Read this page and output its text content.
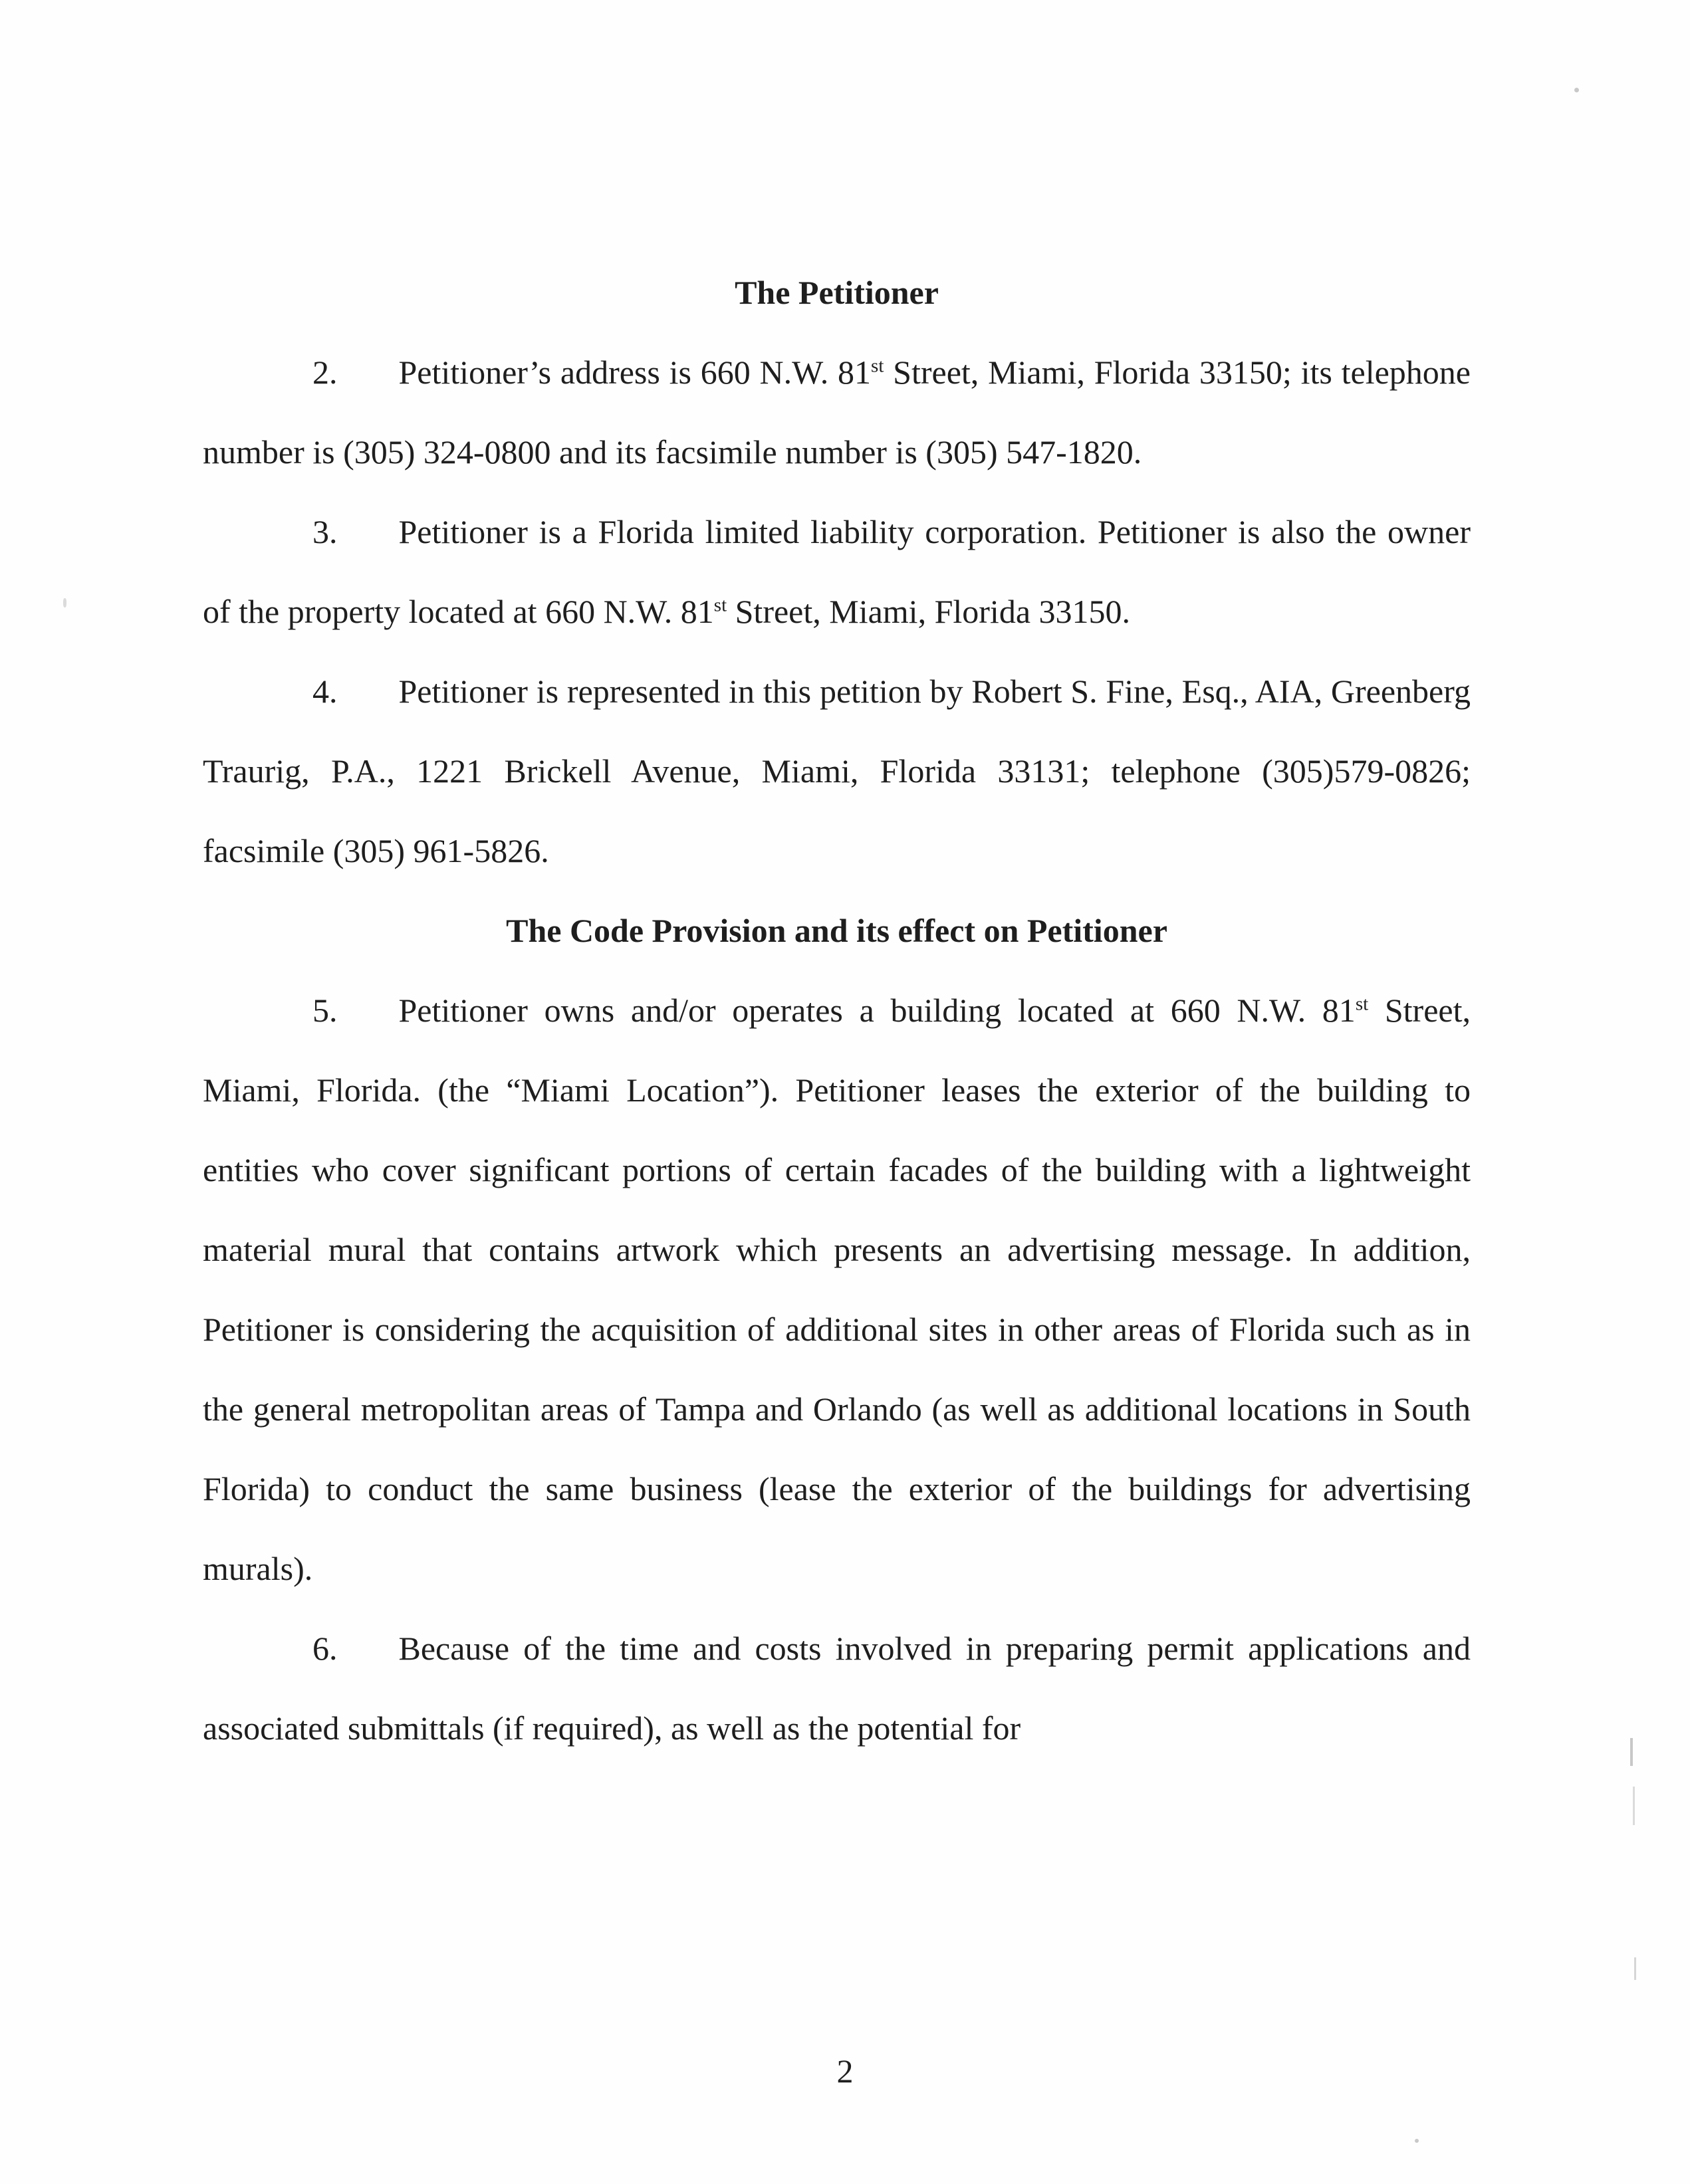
The Petitioner

2. Petitioner’s address is 660 N.W. 81st Street, Miami, Florida 33150; its telephone number is (305) 324-0800 and its facsimile number is (305) 547-1820.

3. Petitioner is a Florida limited liability corporation. Petitioner is also the owner of the property located at 660 N.W. 81st Street, Miami, Florida 33150.

4. Petitioner is represented in this petition by Robert S. Fine, Esq., AIA, Greenberg Traurig, P.A., 1221 Brickell Avenue, Miami, Florida 33131; telephone (305)579-0826; facsimile (305) 961-5826.

The Code Provision and its effect on Petitioner

5. Petitioner owns and/or operates a building located at 660 N.W. 81st Street, Miami, Florida. (the “Miami Location”). Petitioner leases the exterior of the building to entities who cover significant portions of certain facades of the building with a lightweight material mural that contains artwork which presents an advertising message. In addition, Petitioner is considering the acquisition of additional sites in other areas of Florida such as in the general metropolitan areas of Tampa and Orlando (as well as additional locations in South Florida) to conduct the same business (lease the exterior of the buildings for advertising murals).

6. Because of the time and costs involved in preparing permit applications and associated submittals (if required), as well as the potential for

2
